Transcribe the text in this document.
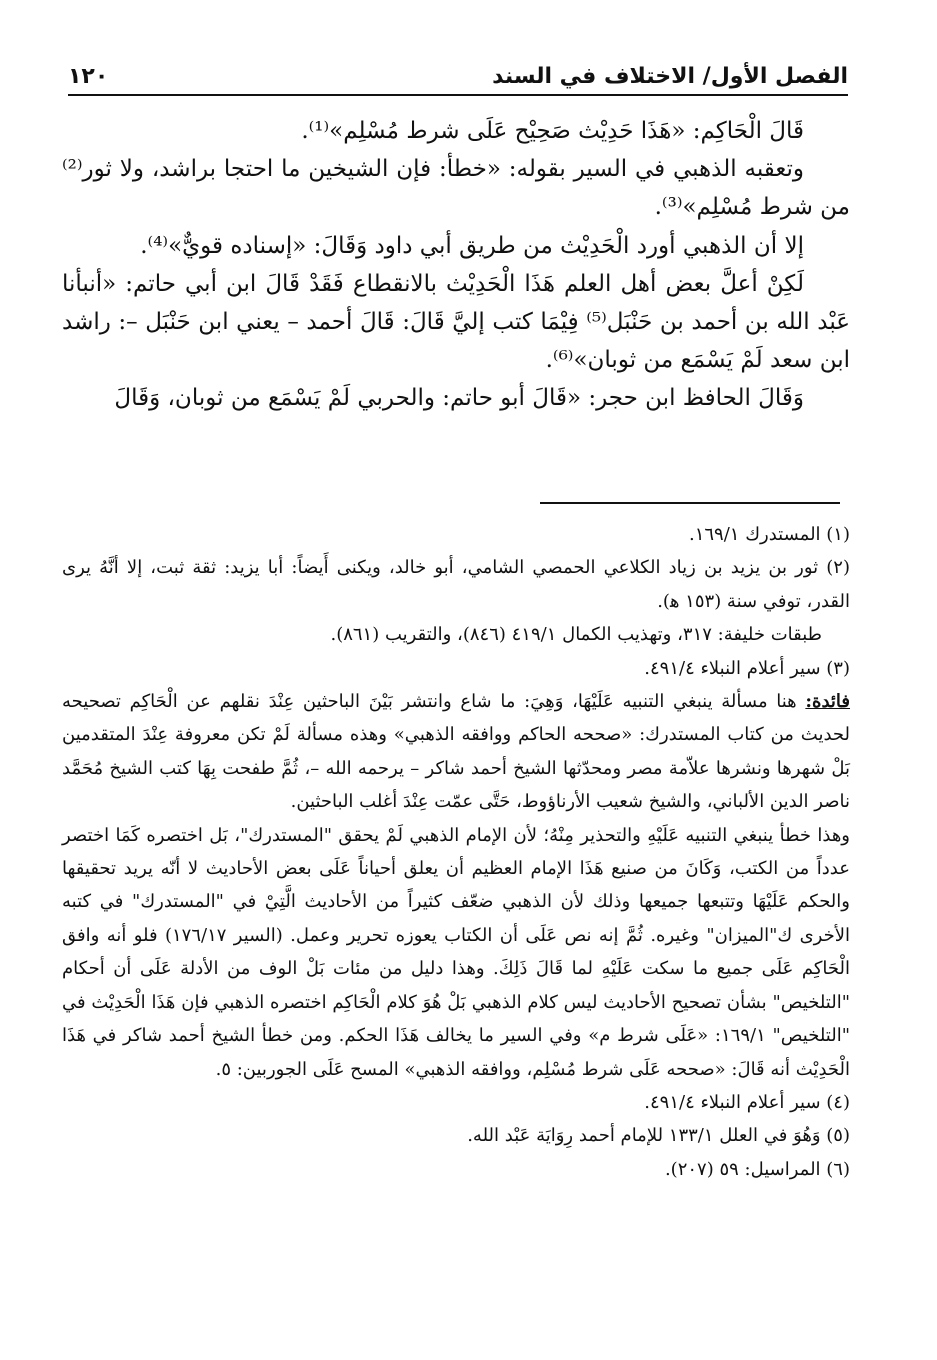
الفصل الأول/ الاختلاف في السند
١٢٠

قَالَ الْحَاكِم: «هَذَا حَدِيْث صَحِيْح عَلَى شرط مُسْلِم»⁽¹⁾.

وتعقبه الذهبي في السير بقوله: «خطأ: فإن الشيخين ما احتجا براشد، ولا ثور⁽²⁾ من شرط مُسْلِم»⁽³⁾.

إلا أن الذهبي أورد الْحَدِيْث من طريق أبي داود وَقَالَ: «إسناده قويٌّ»⁽⁴⁾.

لَكِنْ أعلَّ بعض أهل العلم هَذَا الْحَدِيْث بالانقطاع فَقَدْ قَالَ ابن أبي حاتم: «أنبأنا عَبْد الله بن أحمد بن حَنْبَل⁽⁵⁾ فِيْمَا كتب إليَّ قَالَ: قَالَ أحمد – يعني ابن حَنْبَل –: راشد ابن سعد لَمْ يَسْمَع من ثوبان»⁽⁶⁾.

وَقَالَ الحافظ ابن حجر: «قَالَ أبو حاتم: والحربي لَمْ يَسْمَع من ثوبان، وَقَالَ

(١) المستدرك ١٦٩/١.

(٢) ثور بن يزيد بن زياد الكلاعي الحمصي الشامي، أبو خالد، ويكنى أَيضاً: أبا يزيد: ثقة ثبت، إلا أنَّهُ يرى القدر، توفي سنة (١٥٣ ﻫ).

طبقات خليفة: ٣١٧، وتهذيب الكمال ٤١٩/١ (٨٤٦)، والتقريب (٨٦١).

(٣) سير أعلام النبلاء ٤٩١/٤.

فائدة: هنا مسألة ينبغي التنبيه عَلَيْهَا، وَهِيَ: ما شاع وانتشر بَيْنَ الباحثين عِنْدَ نقلهم عن الْحَاكِم تصحيحه لحديث من كتاب المستدرك: «صححه الحاكم ووافقه الذهبي» وهذه مسألة لَمْ تكن معروفة عِنْدَ المتقدمين بَلْ شهرها ونشرها علاّمة مصر ومحدّثها الشيخ أحمد شاكر – يرحمه الله –، ثُمَّ طفحت بِهَا كتب الشيخ مُحَمَّد ناصر الدين الألباني، والشيخ شعيب الأرناؤوط، حَتَّى عمّت عِنْدَ أغلب الباحثين.

وهذا خطأ ينبغي التنبيه عَلَيْهِ والتحذير مِنْهُ؛ لأن الإمام الذهبي لَمْ يحقق "المستدرك"، بَل اختصره كَمَا اختصر عدداً من الكتب، وَكَانَ من صنيع هَذَا الإمام العظيم أن يعلق أحياناً عَلَى بعض الأحاديث لا أنّه يريد تحقيقها والحكم عَلَيْهَا وتتبعها جميعها وذلك لأن الذهبي ضعّف كثيراً من الأحاديث الَّتِيْ في "المستدرك" في كتبه الأخرى ك"الميزان" وغيره. ثُمَّ إنه نص عَلَى أن الكتاب يعوزه تحرير وعمل. (السير ١٧٦/١٧) فلو أنه وافق الْحَاكِم عَلَى جميع ما سكت عَلَيْهِ لما قَالَ ذَلِكَ. وهذا دليل من مئات بَلْ الوف من الأدلة عَلَى أن أحكام "التلخيص" بشأن تصحيح الأحاديث ليس كلام الذهبي بَلْ هُوَ كلام الْحَاكِم اختصره الذهبي فإن هَذَا الْحَدِيْث في "التلخيص" ١٦٩/١: «عَلَى شرط م» وفي السير ما يخالف هَذَا الحكم. ومن خطأ الشيخ أحمد شاكر في هَذَا الْحَدِيْث أنه قَالَ: «صححه عَلَى شرط مُسْلِم، ووافقه الذهبي» المسح عَلَى الجوربين: ٥.

(٤) سير أعلام النبلاء ٤٩١/٤.

(٥) وَهُوَ في العلل ١٣٣/١ للإمام أحمد رِوَايَة عَبْد الله.

(٦) المراسيل: ٥٩ (٢٠٧).
